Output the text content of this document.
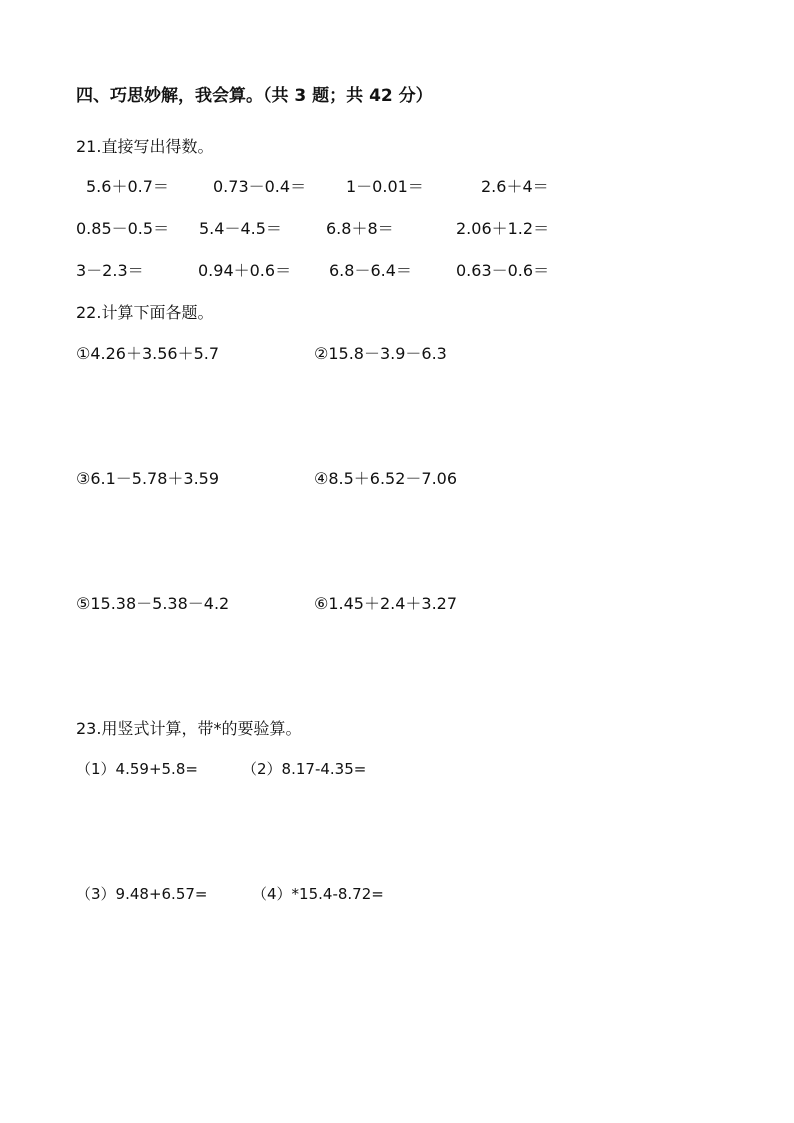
四、巧思妙解，我会算。（共 3 题；共 42 分）
21.直接写出得数。
5.6＋0.7＝	0.73－0.4＝ 1－0.01＝	2.6＋4＝
0.85－0.5＝ 5.4－4.5＝	6.8＋8＝	2.06＋1.2＝
3－2.3＝	0.94＋0.6＝ 6.8－6.4＝	0.63－0.6＝
22.计算下面各题。
①4.26＋3.56＋5.7	②15.8－3.9－6.3
③6.1－5.78＋3.59	④8.5＋6.52－7.06
⑤15.38－5.38－4.2	⑥1.45＋2.4＋3.27
23.用竖式计算，带*的要验算。
（1）4.59+5.8=	（2）8.17-4.35=
（3）9.48+6.57=	（4）*15.4-8.72=
